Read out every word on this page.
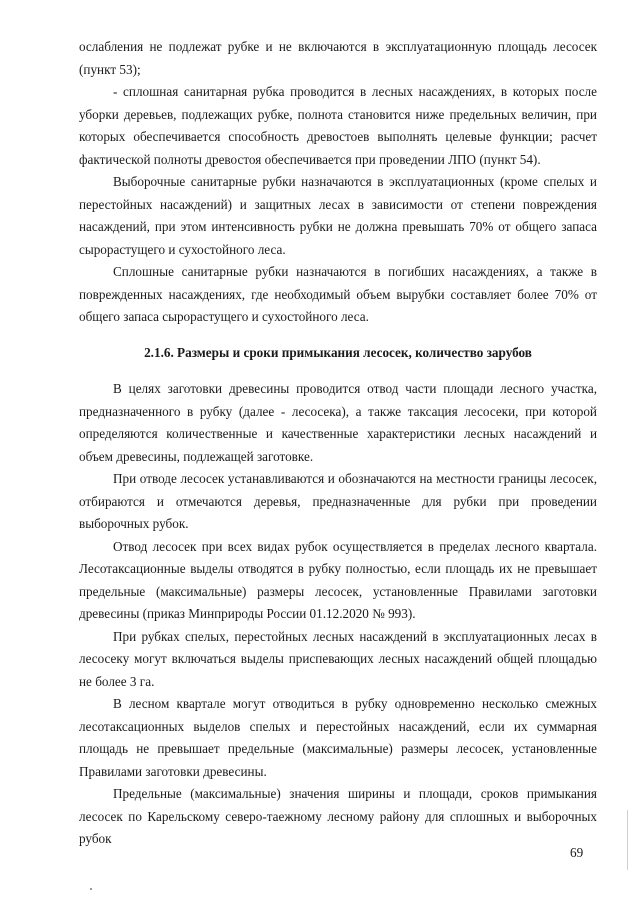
ослабления не подлежат рубке и не включаются в эксплуатационную площадь лесосек (пункт 53);

- сплошная санитарная рубка проводится в лесных насаждениях, в которых после уборки деревьев, подлежащих рубке, полнота становится ниже предельных величин, при которых обеспечивается способность древостоев выполнять целевые функции; расчет фактической полноты древостоя обеспечивается при проведении ЛПО (пункт 54).

Выборочные санитарные рубки назначаются в эксплуатационных (кроме спелых и перестойных насаждений) и защитных лесах в зависимости от степени повреждения насаждений, при этом интенсивность рубки не должна превышать 70% от общего запаса сырорастущего и сухостойного леса.

Сплошные санитарные рубки назначаются в погибших насаждениях, а также в поврежденных насаждениях, где необходимый объем вырубки составляет более 70% от общего запаса сырорастущего и сухостойного леса.

2.1.6. Размеры и сроки примыкания лесосек, количество зарубов

В целях заготовки древесины проводится отвод части площади лесного участка, предназначенного в рубку (далее - лесосека), а также таксация лесосеки, при которой определяются количественные и качественные характеристики лесных насаждений и объем древесины, подлежащей заготовке.

При отводе лесосек устанавливаются и обозначаются на местности границы лесосек, отбираются и отмечаются деревья, предназначенные для рубки при проведении выборочных рубок.

Отвод лесосек при всех видах рубок осуществляется в пределах лесного квартала. Лесотаксационные выделы отводятся в рубку полностью, если площадь их не превышает предельные (максимальные) размеры лесосек, установленные Правилами заготовки древесины (приказ Минприроды России 01.12.2020 № 993).

При рубках спелых, перестойных лесных насаждений в эксплуатационных лесах в лесосеку могут включаться выделы приспевающих лесных насаждений общей площадью не более 3 га.

В лесном квартале могут отводиться в рубку одновременно несколько смежных лесотаксационных выделов спелых и перестойных насаждений, если их суммарная площадь не превышает предельные (максимальные) размеры лесосек, установленные Правилами заготовки древесины.

Предельные (максимальные) значения ширины и площади, сроков примыкания лесосек по Карельскому северо-таежному лесному району для сплошных и выборочных рубок

69
